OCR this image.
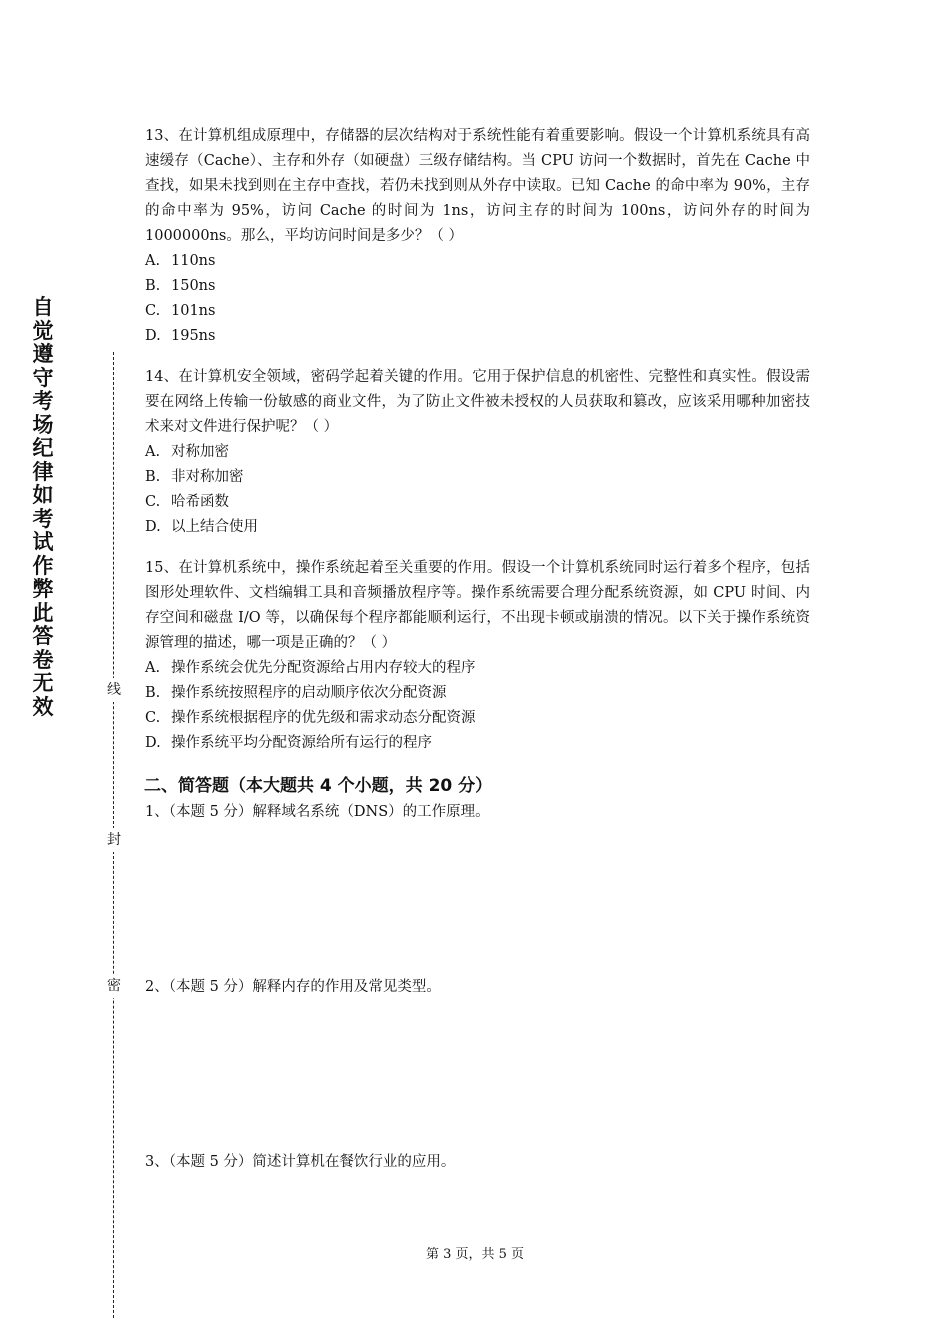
自觉遵守考场纪律如考试作弊此答卷无效
线
封
密

13、在计算机组成原理中，存储器的层次结构对于系统性能有着重要影响。假设一个计算机系统具有高速缓存（Cache）、主存和外存（如硬盘）三级存储结构。当 CPU 访问一个数据时，首先在 Cache 中查找，如果未找到则在主存中查找，若仍未找到则从外存中读取。已知 Cache 的命中率为 90%，主存的命中率为 95%，访问 Cache 的时间为 1ns，访问主存的时间为 100ns，访问外存的时间为 1000000ns。那么，平均访问时间是多少？（ ）

A. 110ns

B. 150ns

C. 101ns

D. 195ns

14、在计算机安全领域，密码学起着关键的作用。它用于保护信息的机密性、完整性和真实性。假设需要在网络上传输一份敏感的商业文件，为了防止文件被未授权的人员获取和篡改，应该采用哪种加密技术来对文件进行保护呢？（ ）

A. 对称加密

B. 非对称加密

C. 哈希函数

D. 以上结合使用

15、在计算机系统中，操作系统起着至关重要的作用。假设一个计算机系统同时运行着多个程序，包括图形处理软件、文档编辑工具和音频播放程序等。操作系统需要合理分配系统资源，如 CPU 时间、内存空间和磁盘 I/O 等，以确保每个程序都能顺利运行，不出现卡顿或崩溃的情况。以下关于操作系统资源管理的描述，哪一项是正确的？（ ）

A. 操作系统会优先分配资源给占用内存较大的程序

B. 操作系统按照程序的启动顺序依次分配资源

C. 操作系统根据程序的优先级和需求动态分配资源

D. 操作系统平均分配资源给所有运行的程序

二、简答题（本大题共 4 个小题，共 20 分）

1、（本题 5 分）解释域名系统（DNS）的工作原理。

2、（本题 5 分）解释内存的作用及常见类型。

3、（本题 5 分）简述计算机在餐饮行业的应用。

第 3 页，共 5 页
